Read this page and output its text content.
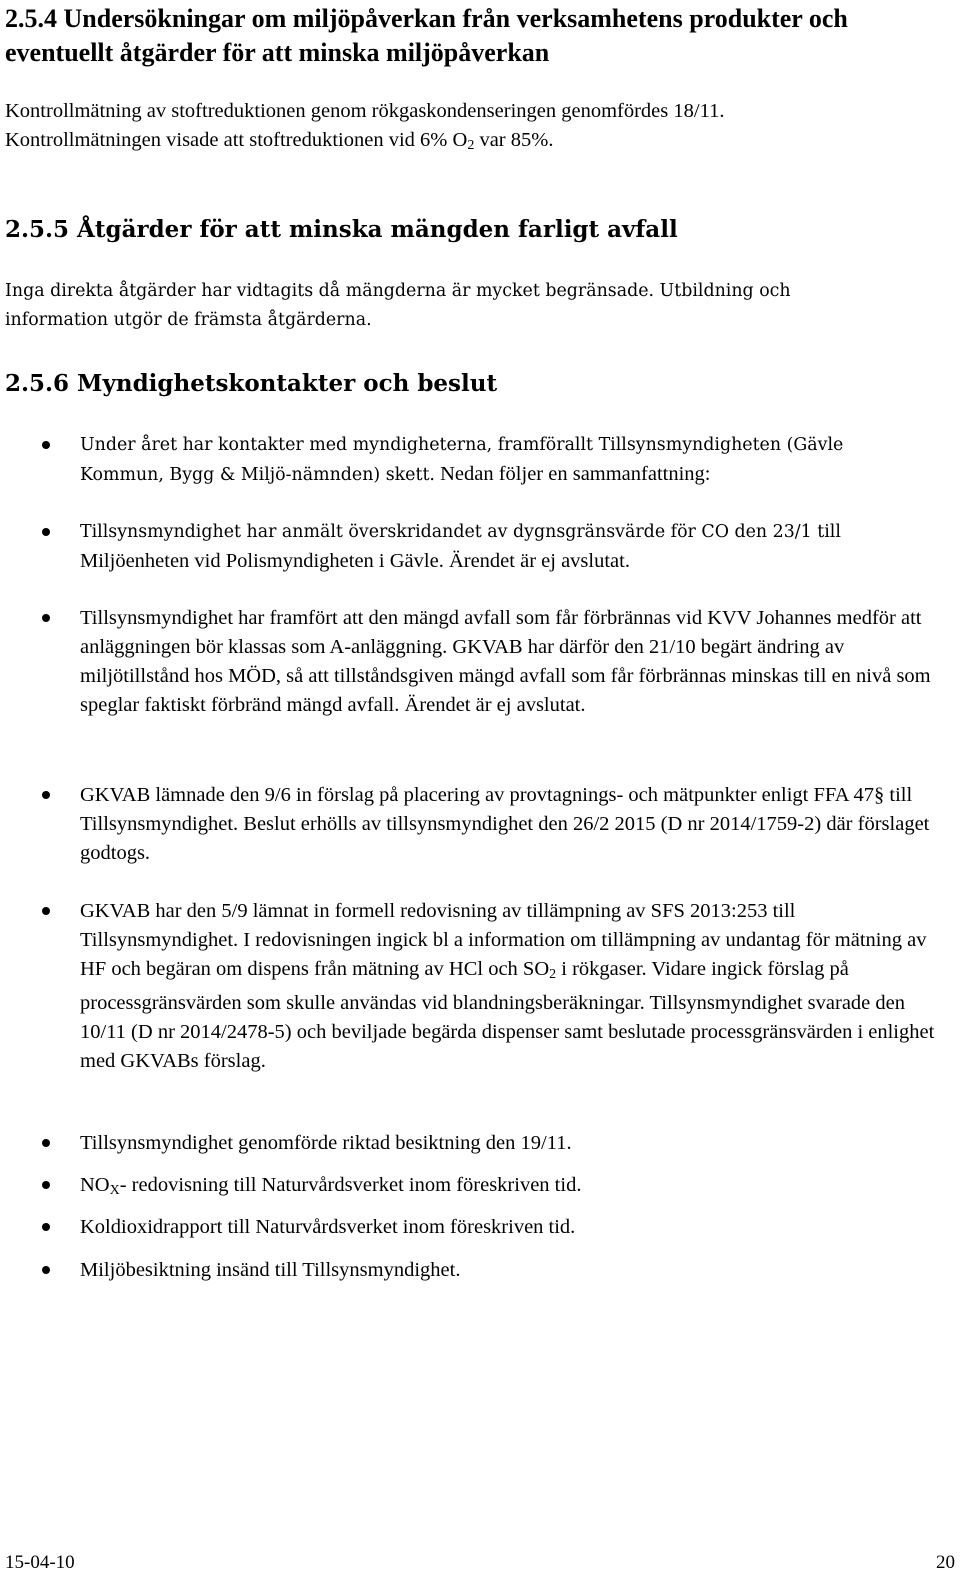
2.5.4 Undersökningar om miljöpåverkan från verksamhetens produkter och eventuellt åtgärder för att minska miljöpåverkan

Kontrollmätning av stoftreduktionen genom rökgaskondenseringen genomfördes 18/11.

Kontrollmätningen visade att stoftreduktionen vid 6% $O_2$ var 85%.

2.5.5 Åtgärder för att minska mängden farligt avfall

Inga direkta åtgärder har vidtagits då mängderna är mycket begränsade. Utbildning och

information utgör de främsta åtgärderna.

2.5.6 Myndighetskontakter och beslut
Under året har kontakter med myndigheterna, framförallt Tillsynsmyndigheten (Gävle
Kommun, Bygg & Miljö-nämnden) skett. Nedan följer en sammanfattning:
Tillsynsmyndighet har anmält överskridandet av dygnsgränsvärde för CO den 23/1 till
Miljöenheten vid Polismyndigheten i Gävle. Ärendet är ej avslutat.
Tillsynsmyndighet har framfört att den mängd avfall som får förbrännas vid KVV Johannes medför att anläggningen bör klassas som A-anläggning. GKVAB har därför den 21/10 begärt ändring av miljötillstånd hos MÖD, så att tillståndsgiven mängd avfall som får förbrännas minskas till en nivå som speglar faktiskt förbränd mängd avfall. Ärendet är ej avslutat.
GKVAB lämnade den 9/6 in förslag på placering av provtagnings- och mätpunkter enligt FFA 47§ till Tillsynsmyndighet. Beslut erhölls av tillsynsmyndighet den 26/2 2015 (D nr 2014/1759-2) där förslaget godtogs.
GKVAB har den 5/9 lämnat in formell redovisning av tillämpning av SFS 2013:253 till Tillsynsmyndighet. I redovisningen ingick bl a information om tillämpning av undantag för mätning av HF och begäran om dispens från mätning av HCl och $SO_2$ i rökgaser. Vidare ingick förslag på processgränsvärden som skulle användas vid blandningsberäkningar. Tillsynsmyndighet svarade den 10/11 (D nr 2014/2478-5) och beviljade begärda dispenser samt beslutade processgränsvärden i enlighet med GKVABs förslag.
Tillsynsmyndighet genomförde riktad besiktning den 19/11.
$NO_X-$ redovisning till Naturvårdsverket inom föreskriven tid.
Koldioxidrapport till Naturvårdsverket inom föreskriven tid.
Miljöbesiktning insänd till Tillsynsmyndighet.
15-04-10	20
